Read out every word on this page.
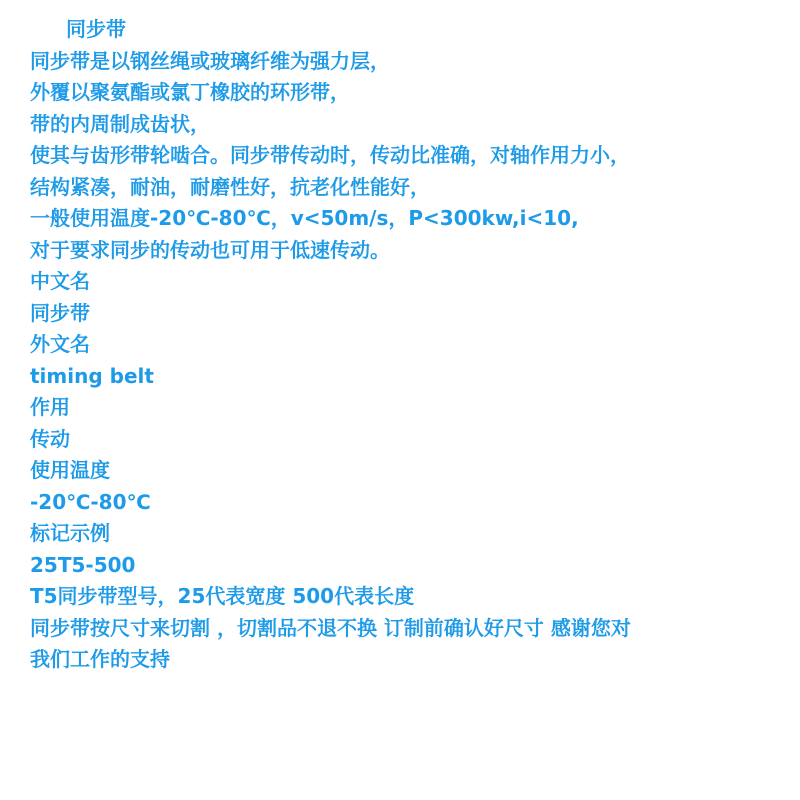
同步带
同步带是以钢丝绳或玻璃纤维为强力层，
外覆以聚氨酯或氯丁橡胶的环形带，
带的内周制成齿状，
使其与齿形带轮啮合。同步带传动时，传动比准确，对轴作用力小，
结构紧凑，耐油，耐磨性好，抗老化性能好，
一般使用温度-20℃-80℃，v<50m/s，P<300kw,i<10,
对于要求同步的传动也可用于低速传动。
中文名
同步带
外文名
timing belt
作用
传动
使用温度
-20℃-80℃
标记示例
25T5-500
T5同步带型号，25代表宽度 500代表长度
同步带按尺寸来切割 ，切割品不退不换 订制前确认好尺寸 感谢您对
我们工作的支持
